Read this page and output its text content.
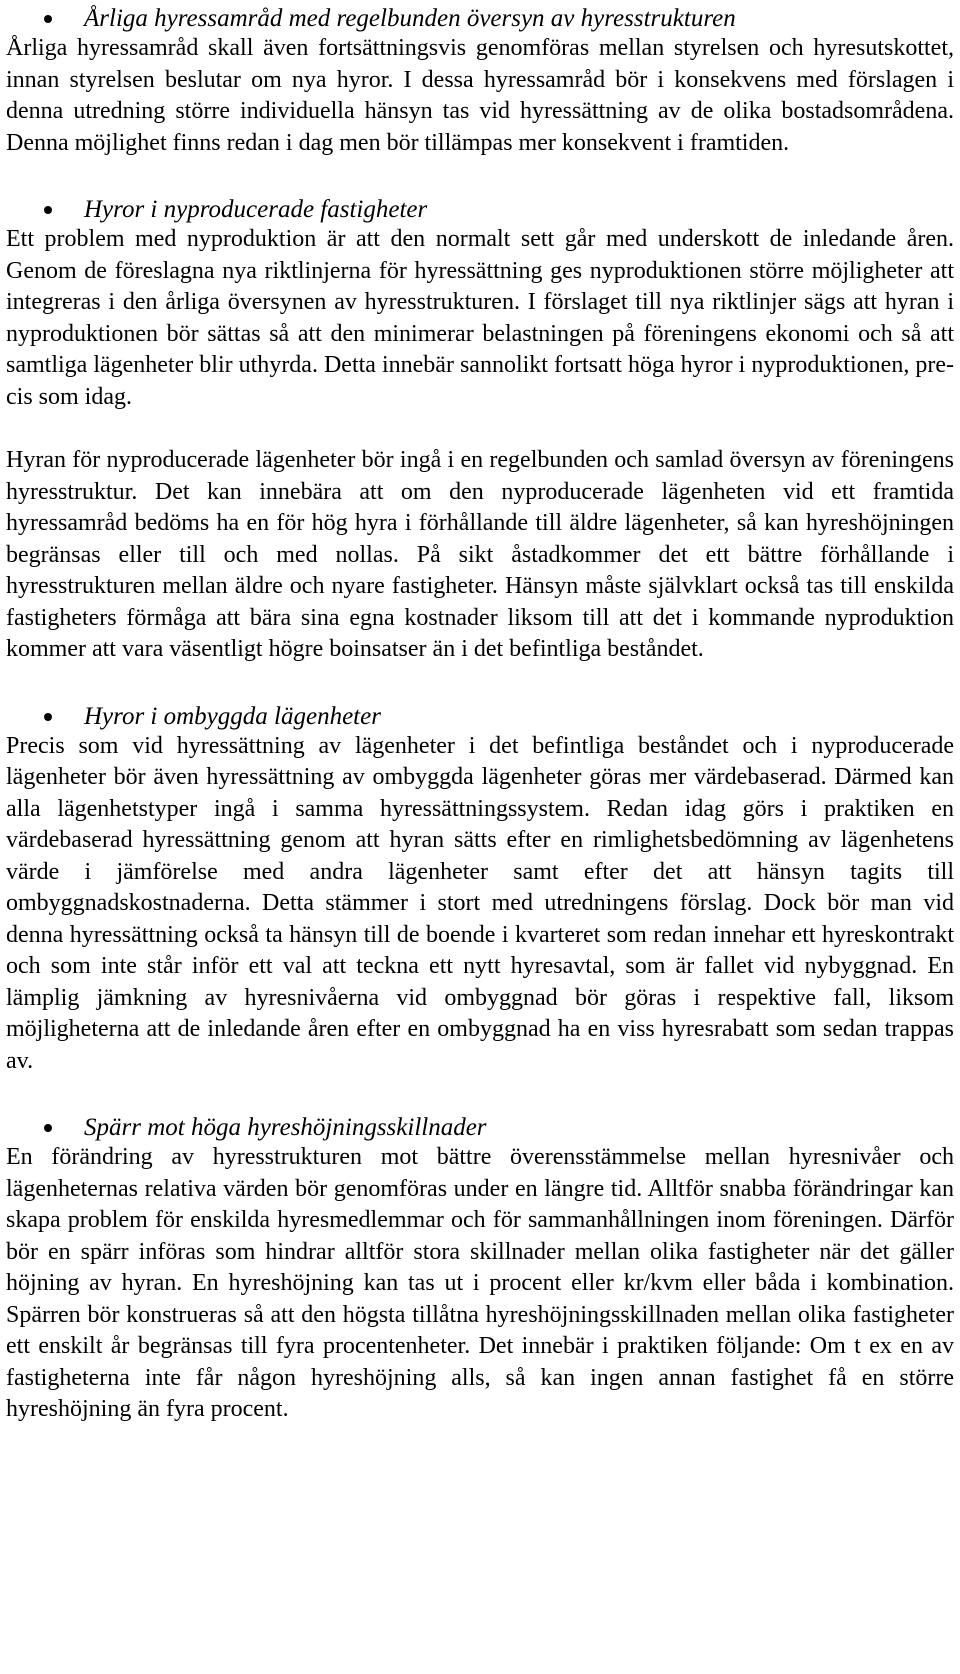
Årliga hyressamråd med regelbunden översyn av hyresstrukturen

Årliga hyressamråd skall även fortsättningsvis genomföras mellan styrelsen och hyresutskottet, innan styrelsen beslutar om nya hyror. I dessa hyressamråd bör i konsekvens med förslagen i denna utredning större individuella hänsyn tas vid hyressättning av de olika bostadsområdena. Denna möjlighet finns redan i dag men bör tillämpas mer konsekvent i framtiden.

Hyror i nyproducerade fastigheter

Ett problem med nyproduktion är att den normalt sett går med underskott de inledande åren. Genom de föreslagna nya riktlinjerna för hyressättning ges nyproduktionen större möjligheter att integreras i den årliga översynen av hyresstrukturen. I förslaget till nya riktlinjer sägs att hyran i nyproduktionen bör sättas så att den minimerar belastningen på föreningens ekonomi och så att samtliga lägenheter blir uthyrda. Detta innebär sannolikt fortsatt höga hyror i nyproduktionen, precis som idag.

Hyran för nyproducerade lägenheter bör ingå i en regelbunden och samlad översyn av föreningens hyresstruktur. Det kan innebära att om den nyproducerade lägenheten vid ett framtida hyressamråd bedöms ha en för hög hyra i förhållande till äldre lägenheter, så kan hyreshöjningen begränsas eller till och med nollas. På sikt åstadkommer det ett bättre förhållande i hyresstrukturen mellan äldre och nyare fastigheter. Hänsyn måste självklart också tas till enskilda fastigheters förmåga att bära sina egna kostnader liksom till att det i kommande nyproduktion kommer att vara väsentligt högre boinsatser än i det befintliga beståndet.

Hyror i ombyggda lägenheter

Precis som vid hyressättning av lägenheter i det befintliga beståndet och i nyproducerade lägenheter bör även hyressättning av ombyggda lägenheter göras mer värdebaserad. Därmed kan alla lägenhetstyper ingå i samma hyressättningssystem. Redan idag görs i praktiken en värdebaserad hyressättning genom att hyran sätts efter en rimlighetsbedömning av lägenhetens värde i jämförelse med andra lägenheter samt efter det att hänsyn tagits till ombyggnadskostnaderna. Detta stämmer i stort med utredningens förslag. Dock bör man vid denna hyressättning också ta hänsyn till de boende i kvarteret som redan innehar ett hyreskontrakt och som inte står inför ett val att teckna ett nytt hyresavtal, som är fallet vid nybyggnad. En lämplig jämkning av hyresnivåerna vid ombyggnad bör göras i respektive fall, liksom möjligheterna att de inledande åren efter en ombyggnad ha en viss hyresrabatt som sedan trappas av.

Spärr mot höga hyreshöjningsskillnader

En förändring av hyresstrukturen mot bättre överensstämmelse mellan hyresnivåer och lägenheternas relativa värden bör genomföras under en längre tid. Alltför snabba förändringar kan skapa problem för enskilda hyresmedlemmar och för sammanhållningen inom föreningen. Därför bör en spärr införas som hindrar alltför stora skillnader mellan olika fastigheter när det gäller höjning av hyran. En hyreshöjning kan tas ut i procent eller kr/kvm eller båda i kombination. Spärren bör konstrueras så att den högsta tillåtna hyreshöjningsskillnaden mellan olika fastigheter ett enskilt år begränsas till fyra procentenheter. Det innebär i praktiken följande: Om t ex en av fastigheterna inte får någon hyreshöjning alls, så kan ingen annan fastighet få en större hyreshöjning än fyra procent.
